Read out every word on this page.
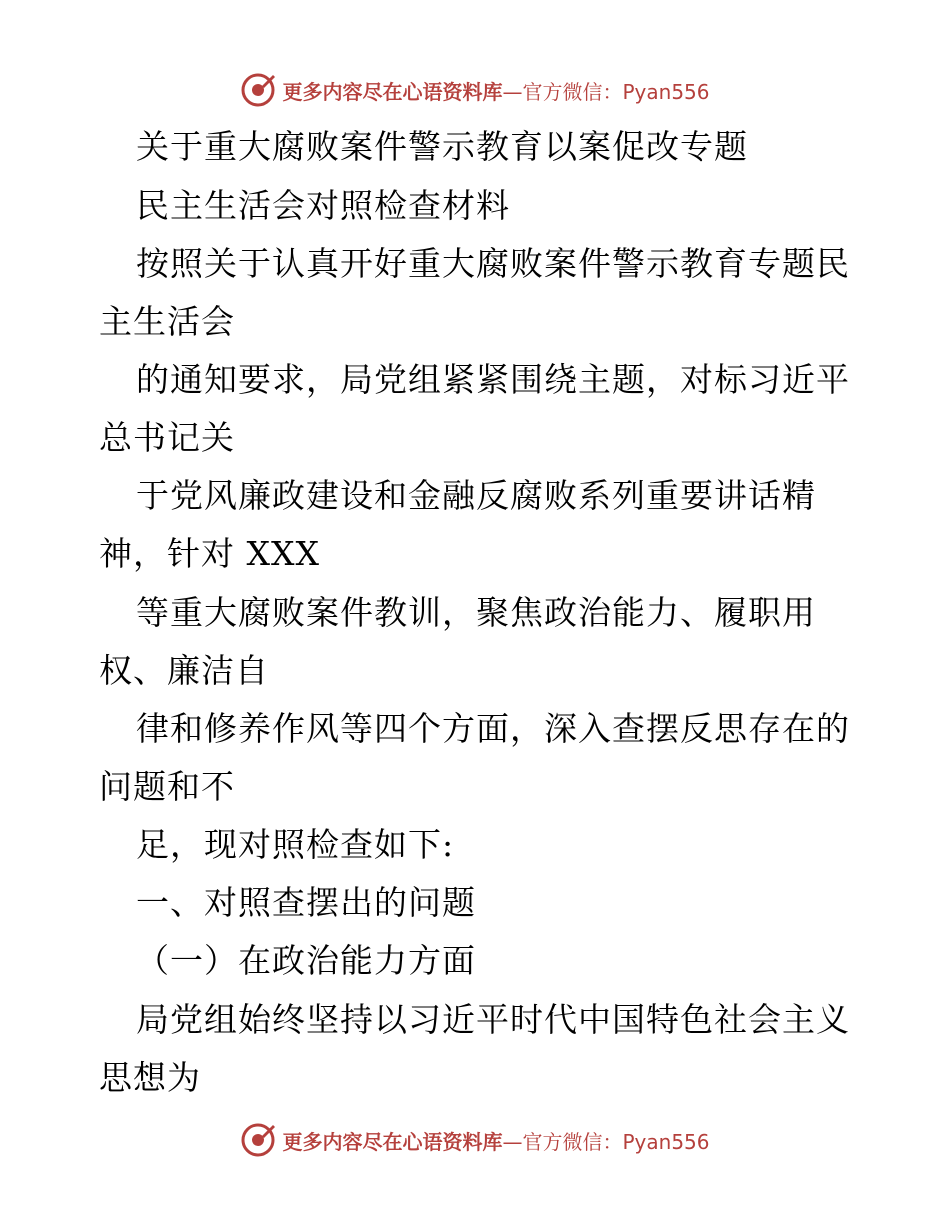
更多内容尽在心语资料库—官方微信：Pyan556
关于重大腐败案件警示教育以案促改专题
民主生活会对照检查材料
按照关于认真开好重大腐败案件警示教育专题民
主生活会
的通知要求，局党组紧紧围绕主题，对标习近平
总书记关
于党风廉政建设和金融反腐败系列重要讲话精
神，针对 XXX
等重大腐败案件教训，聚焦政治能力、履职用
权、廉洁自
律和修养作风等四个方面，深入查摆反思存在的
问题和不
足，现对照检查如下:
一、对照查摆出的问题
（一）在政治能力方面
局党组始终坚持以习近平时代中国特色社会主义
思想为
更多内容尽在心语资料库—官方微信：Pyan556
